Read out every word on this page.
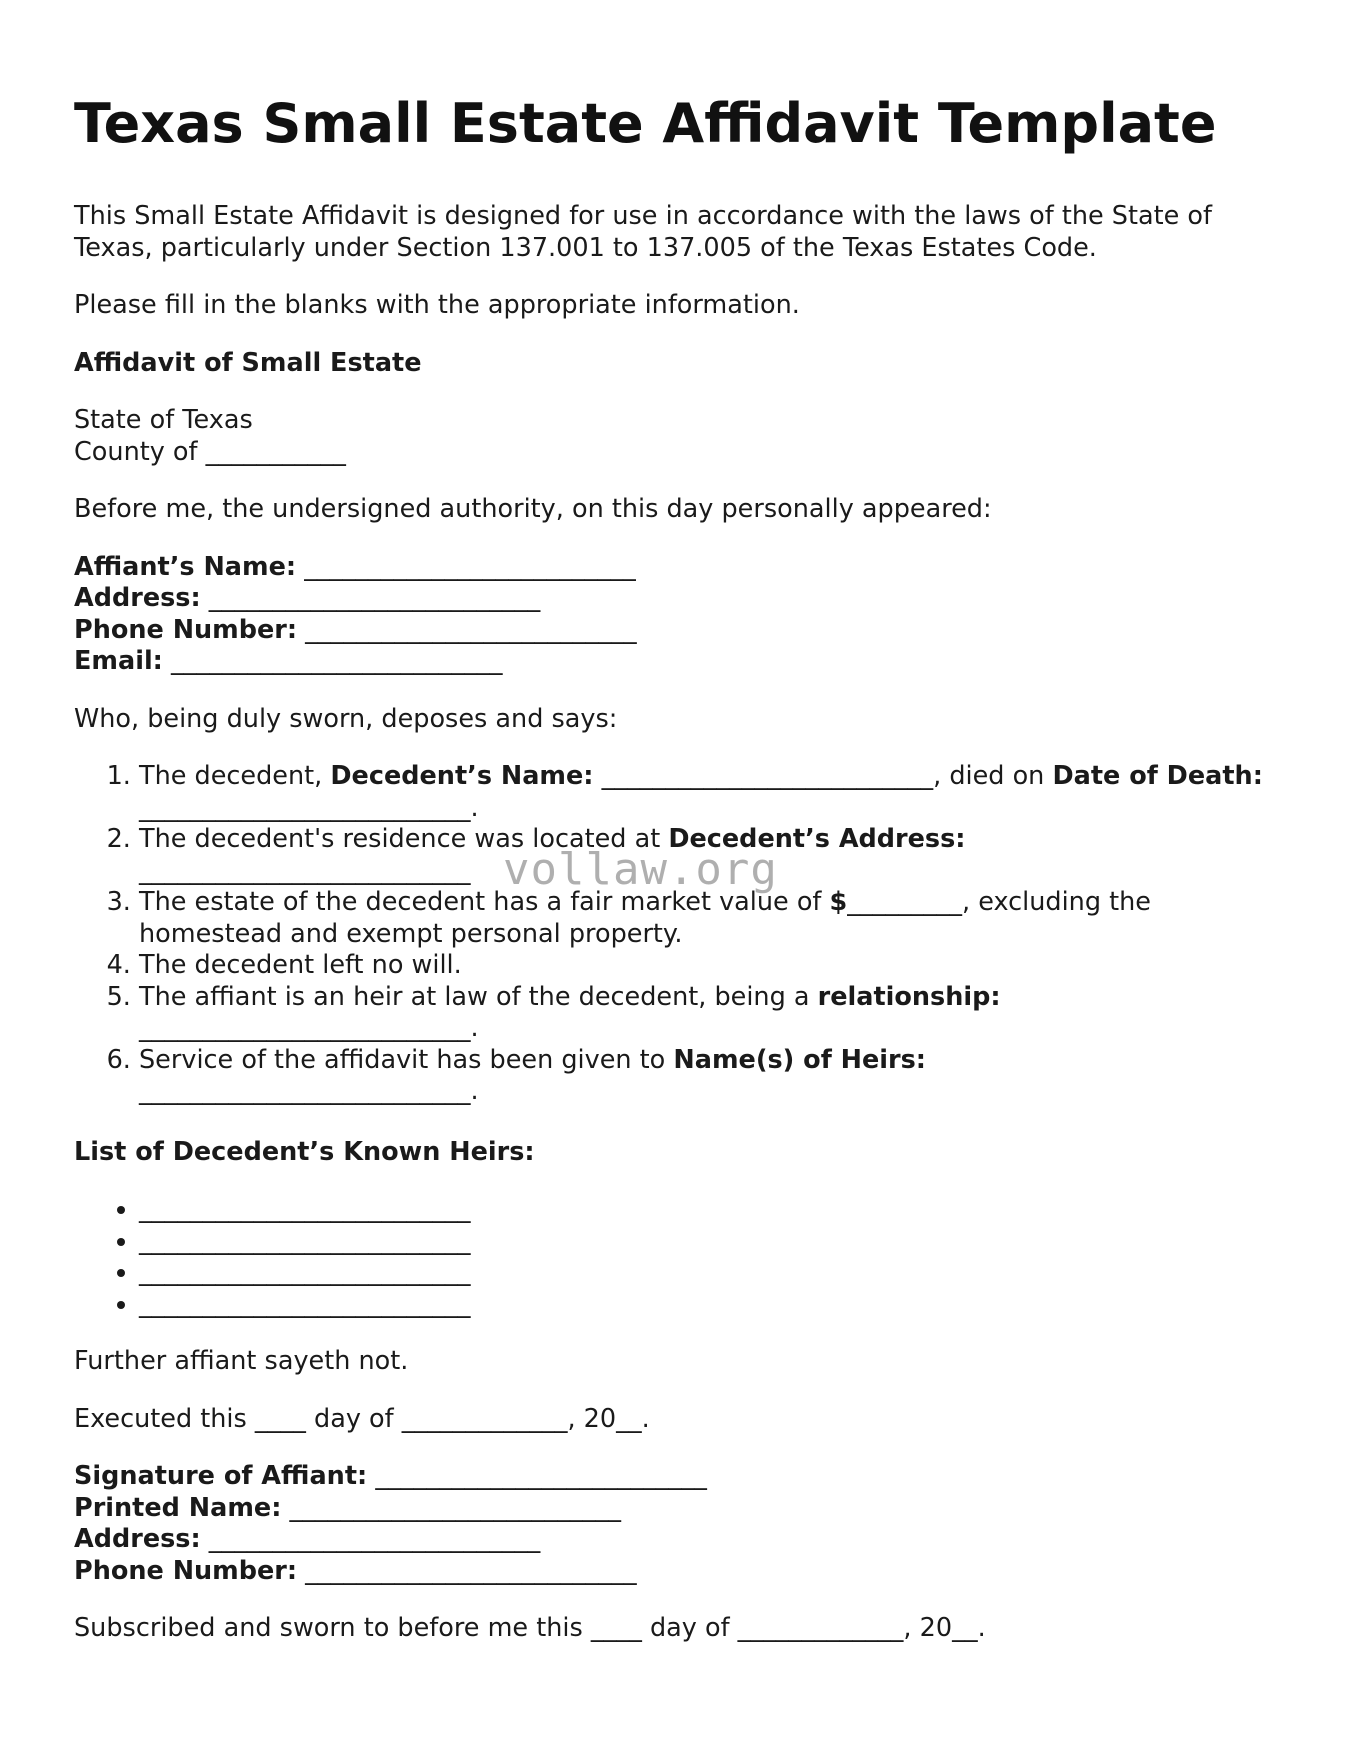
Texas Small Estate Affidavit Template

This Small Estate Affidavit is designed for use in accordance with the laws of the State of Texas, particularly under Section 137.001 to 137.005 of the Texas Estates Code.

Please fill in the blanks with the appropriate information.

Affidavit of Small Estate

State of Texas
County of ___________

Before me, the undersigned authority, on this day personally appeared:

Affiant’s Name: __________________________
Address: __________________________
Phone Number: __________________________
Email: __________________________

Who, being duly sworn, deposes and says:

1. The decedent, Decedent’s Name: __________________________, died on Date of Death: __________________________.
2. The decedent's residence was located at Decedent’s Address: __________________________
3. The estate of the decedent has a fair market value of $_________, excluding the homestead and exempt personal property.
4. The decedent left no will.
5. The affiant is an heir at law of the decedent, being a relationship: __________________________.
6. Service of the affidavit has been given to Name(s) of Heirs: __________________________.

List of Decedent’s Known Heirs:

• __________________________
• __________________________
• __________________________
• __________________________

Further affiant sayeth not.

Executed this ____ day of _____________, 20__.

Signature of Affiant: __________________________
Printed Name: __________________________
Address: __________________________
Phone Number: __________________________

Subscribed and sworn to before me this ____ day of _____________, 20__.

vollaw.org
